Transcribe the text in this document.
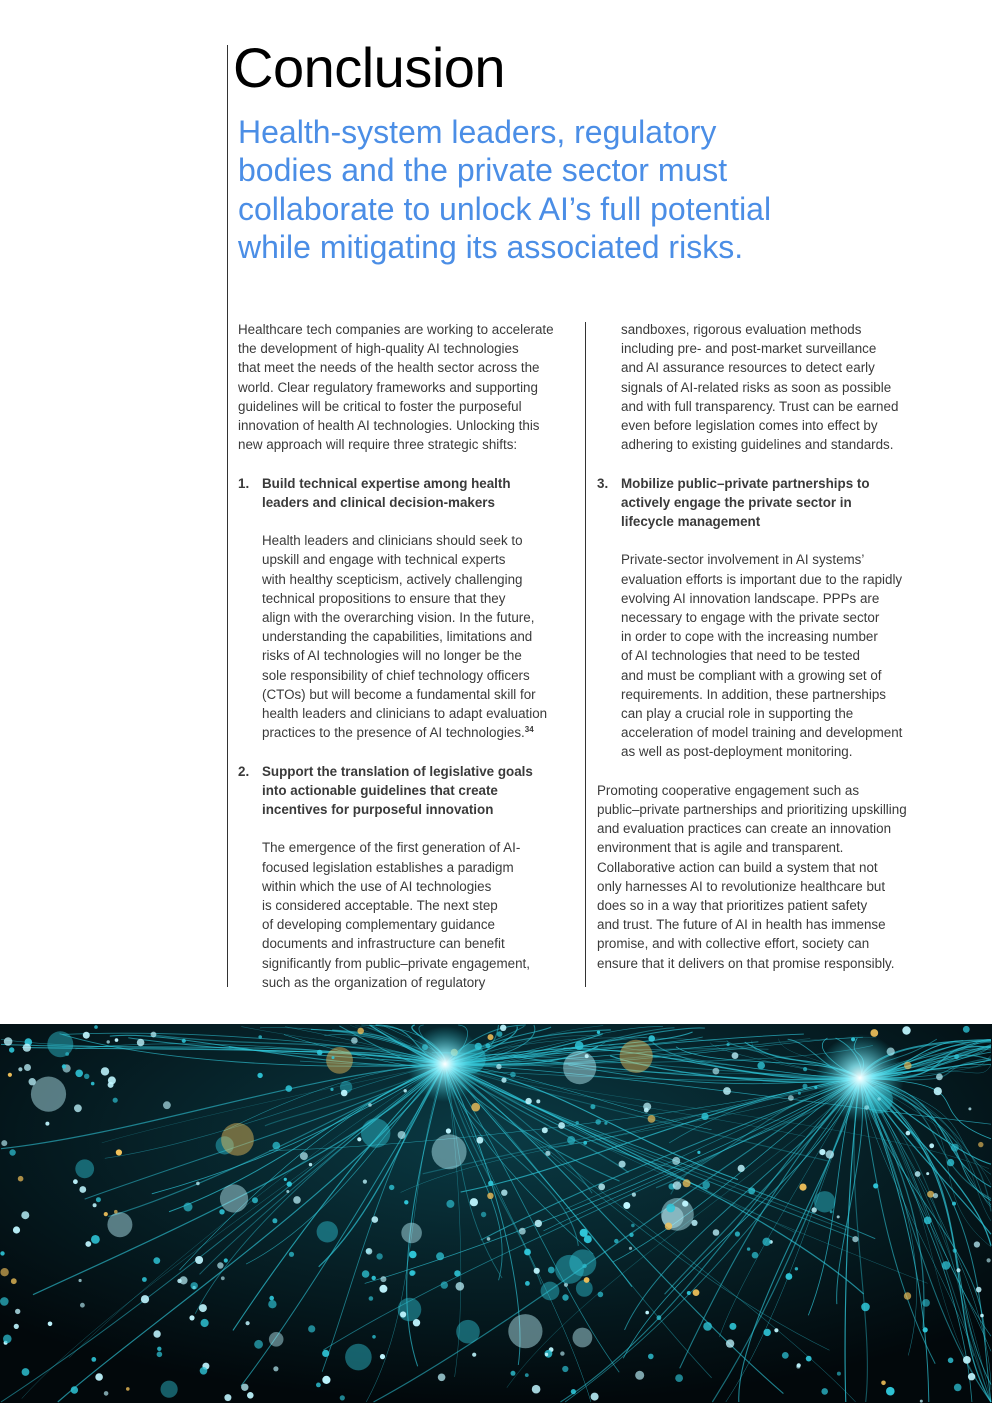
Conclusion
Health-system leaders, regulatory
bodies and the private sector must
collaborate to unlock AI’s full potential
while mitigating its associated risks.
Healthcare tech companies are working to accelerate
the development of high-quality AI technologies
that meet the needs of the health sector across the
world. Clear regulatory frameworks and supporting
guidelines will be critical to foster the purposeful
innovation of health AI technologies. Unlocking this
new approach will require three strategic shifts:
1. Build technical expertise among health
leaders and clinical decision-makers
Health leaders and clinicians should seek to
upskill and engage with technical experts
with healthy scepticism, actively challenging
technical propositions to ensure that they
align with the overarching vision. In the future,
understanding the capabilities, limitations and
risks of AI technologies will no longer be the
sole responsibility of chief technology officers
(CTOs) but will become a fundamental skill for
health leaders and clinicians to adapt evaluation
practices to the presence of AI technologies.$^{34}$
2. Support the translation of legislative goals
into actionable guidelines that create
incentives for purposeful innovation
The emergence of the first generation of AI-
focused legislation establishes a paradigm
within which the use of AI technologies
is considered acceptable. The next step
of developing complementary guidance
documents and infrastructure can benefit
significantly from public–private engagement,
such as the organization of regulatory
sandboxes, rigorous evaluation methods
including pre- and post-market surveillance
and AI assurance resources to detect early
signals of AI-related risks as soon as possible
and with full transparency. Trust can be earned
even before legislation comes into effect by
adhering to existing guidelines and standards.
3. Mobilize public–private partnerships to
actively engage the private sector in
lifecycle management
Private-sector involvement in AI systems’
evaluation efforts is important due to the rapidly
evolving AI innovation landscape. PPPs are
necessary to engage with the private sector
in order to cope with the increasing number
of AI technologies that need to be tested
and must be compliant with a growing set of
requirements. In addition, these partnerships
can play a crucial role in supporting the
acceleration of model training and development
as well as post-deployment monitoring.
Promoting cooperative engagement such as
public–private partnerships and prioritizing upskilling
and evaluation practices can create an innovation
environment that is agile and transparent.
Collaborative action can build a system that not
only harnesses AI to revolutionize healthcare but
does so in a way that prioritizes patient safety
and trust. The future of AI in health has immense
promise, and with collective effort, society can
ensure that it delivers on that promise responsibly.
